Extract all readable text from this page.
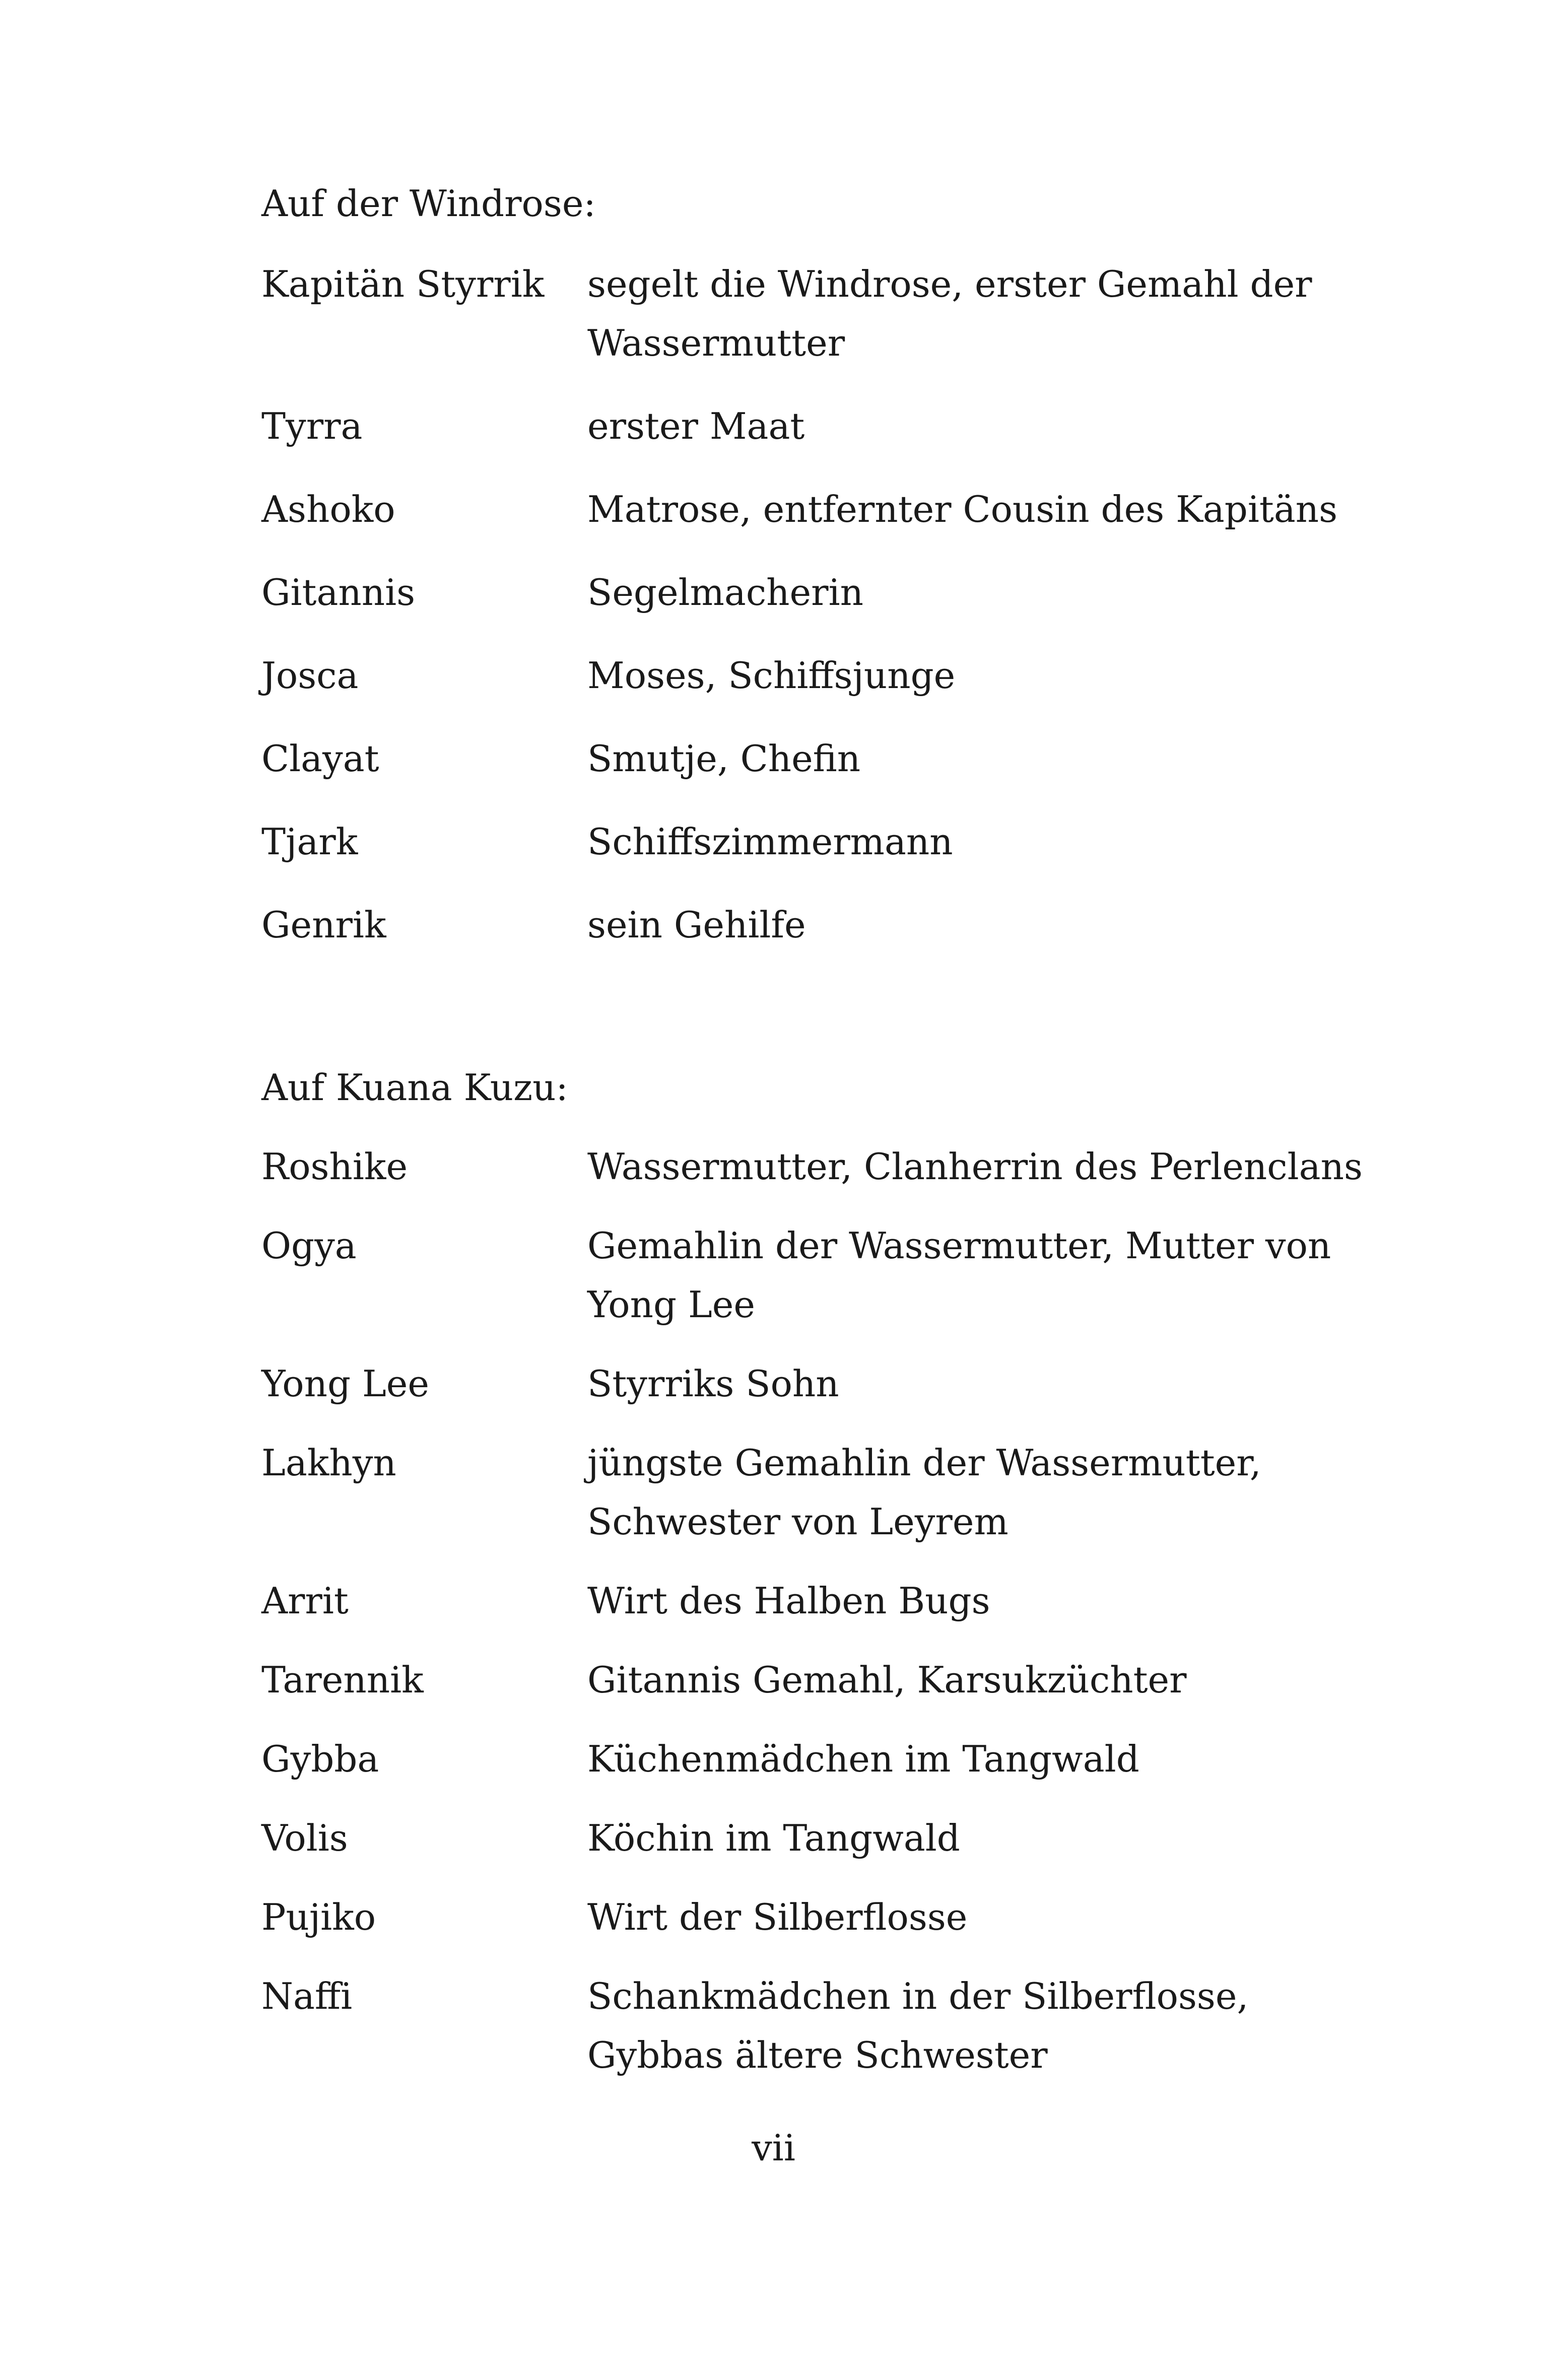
Auf der Windrose:
Kapitän Styrrik	segelt die Windrose, erster Gemahl der Wassermutter
Tyrra	erster Maat
Ashoko	Matrose, entfernter Cousin des Kapitäns
Gitannis	Segelmacherin
Josca	Moses, Schiffsjunge
Clayat	Smutje, Chefin
Tjark	Schiffszimmermann
Genrik	sein Gehilfe
Auf Kuana Kuzu:
Roshike	Wassermutter, Clanherrin des Perlenclans
Ogya	Gemahlin der Wassermutter, Mutter von Yong Lee
Yong Lee	Styrriks Sohn
Lakhyn	jüngste Gemahlin der Wassermutter, Schwester von Leyrem
Arrit	Wirt des Halben Bugs
Tarennik	Gitannis Gemahl, Karsukzüchter
Gybba	Küchenmädchen im Tangwald
Volis	Köchin im Tangwald
Pujiko	Wirt der Silberflosse
Naffi	Schankmädchen in der Silberflosse, Gybbas ältere Schwester
vii
